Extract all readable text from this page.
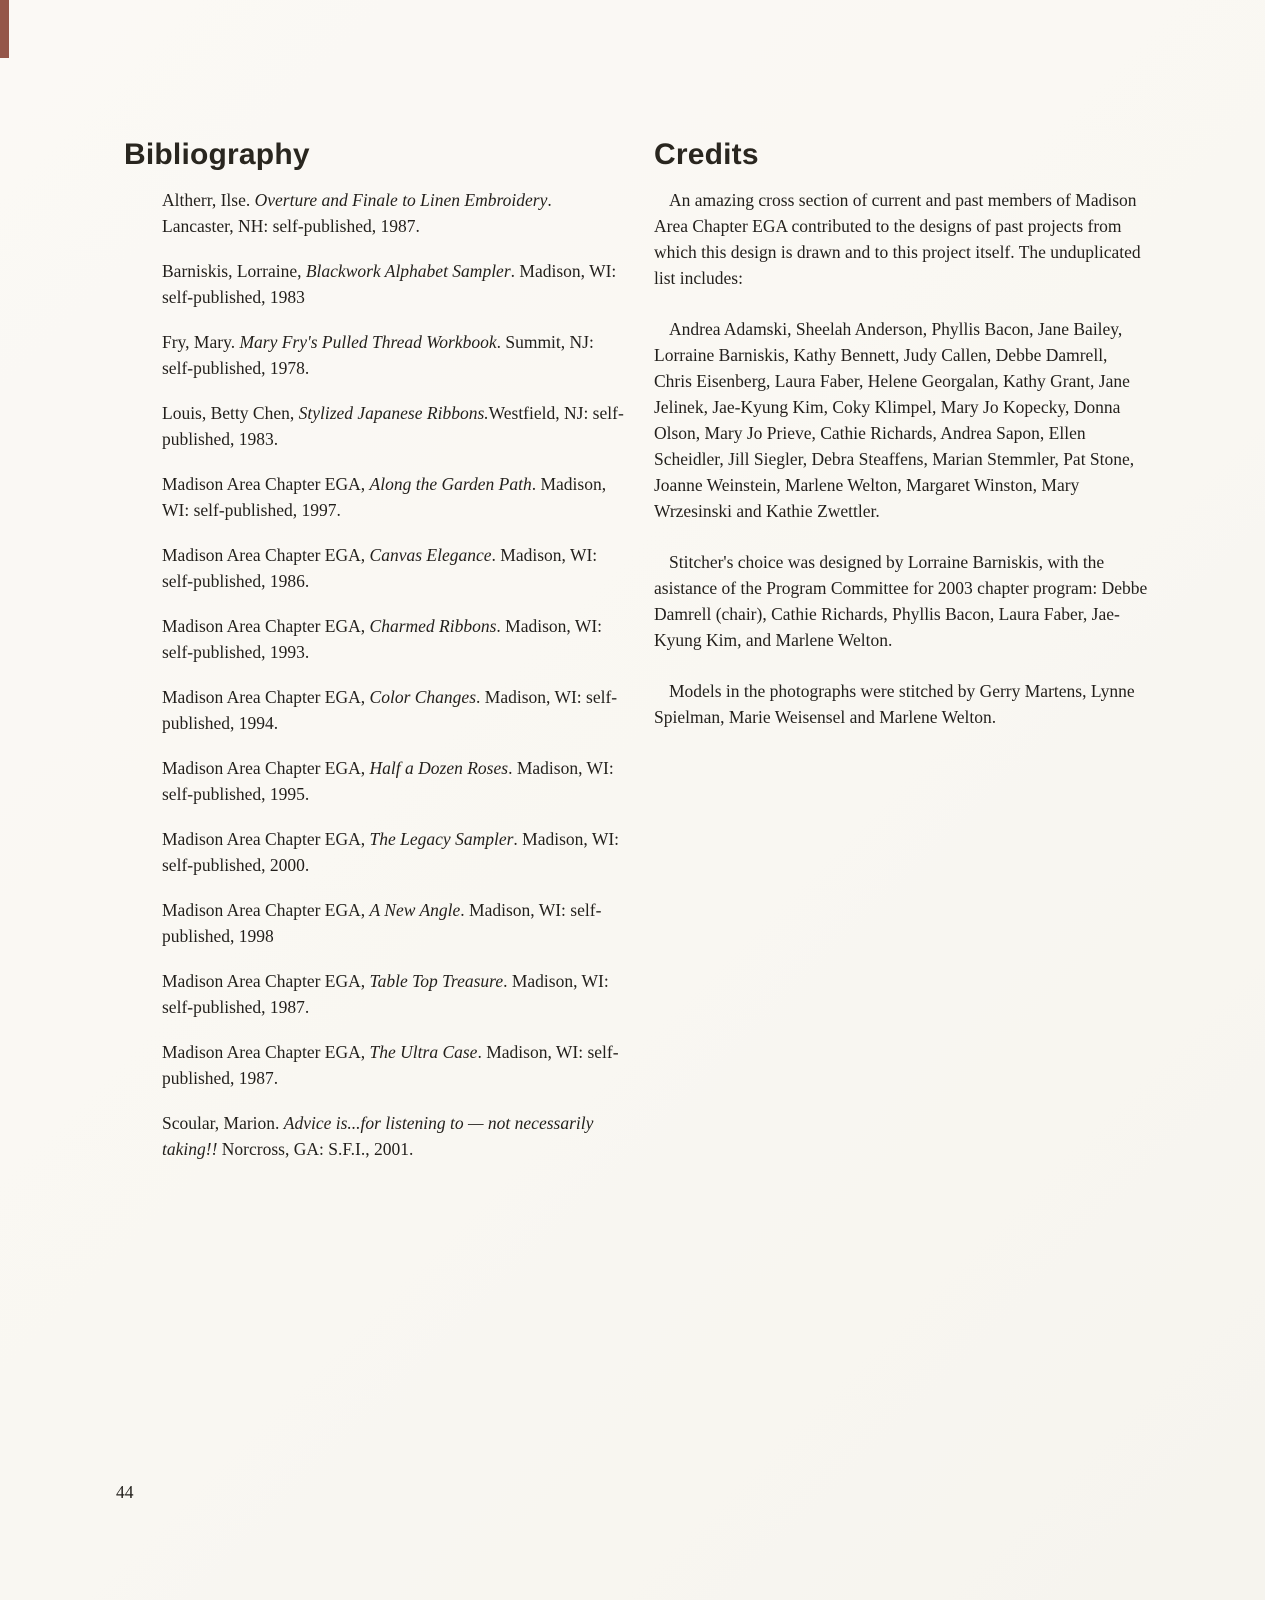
Bibliography

Altherr, Ilse. Overture and Finale to Linen Embroidery. Lancaster, NH: self-published, 1987.

Barniskis, Lorraine, Blackwork Alphabet Sampler. Madison, WI: self-published, 1983

Fry, Mary. Mary Fry's Pulled Thread Workbook. Summit, NJ: self-published, 1978.

Louis, Betty Chen, Stylized Japanese Ribbons.Westfield, NJ: self-published, 1983.

Madison Area Chapter EGA, Along the Garden Path. Madison, WI: self-published, 1997.

Madison Area Chapter EGA, Canvas Elegance. Madison, WI: self-published, 1986.

Madison Area Chapter EGA, Charmed Ribbons. Madison, WI: self-published, 1993.

Madison Area Chapter EGA, Color Changes. Madison, WI: self-published, 1994.

Madison Area Chapter EGA, Half a Dozen Roses. Madison, WI: self-published, 1995.

Madison Area Chapter EGA, The Legacy Sampler. Madison, WI: self-published, 2000.

Madison Area Chapter EGA, A New Angle. Madison, WI: self-published, 1998

Madison Area Chapter EGA, Table Top Treasure. Madison, WI: self-published, 1987.

Madison Area Chapter EGA, The Ultra Case. Madison, WI: self-published, 1987.

Scoular, Marion. Advice is...for listening to — not necessarily taking!! Norcross, GA: S.F.I., 2001.

Credits

An amazing cross section of current and past members of Madison Area Chapter EGA contributed to the designs of past projects from which this design is drawn and to this project itself. The unduplicated list includes:

Andrea Adamski, Sheelah Anderson, Phyllis Bacon, Jane Bailey, Lorraine Barniskis, Kathy Bennett, Judy Callen, Debbe Damrell, Chris Eisenberg, Laura Faber, Helene Georgalan, Kathy Grant, Jane Jelinek, Jae-Kyung Kim, Coky Klimpel, Mary Jo Kopecky, Donna Olson, Mary Jo Prieve, Cathie Richards, Andrea Sapon, Ellen Scheidler, Jill Siegler, Debra Steaffens, Marian Stemmler, Pat Stone, Joanne Weinstein, Marlene Welton, Margaret Winston, Mary Wrzesinski and Kathie Zwettler.

Stitcher's choice was designed by Lorraine Barniskis, with the asistance of the Program Committee for 2003 chapter program: Debbe Damrell (chair), Cathie Richards, Phyllis Bacon, Laura Faber, Jae-Kyung Kim, and Marlene Welton.

Models in the photographs were stitched by Gerry Martens, Lynne Spielman, Marie Weisensel and Marlene Welton.

44
